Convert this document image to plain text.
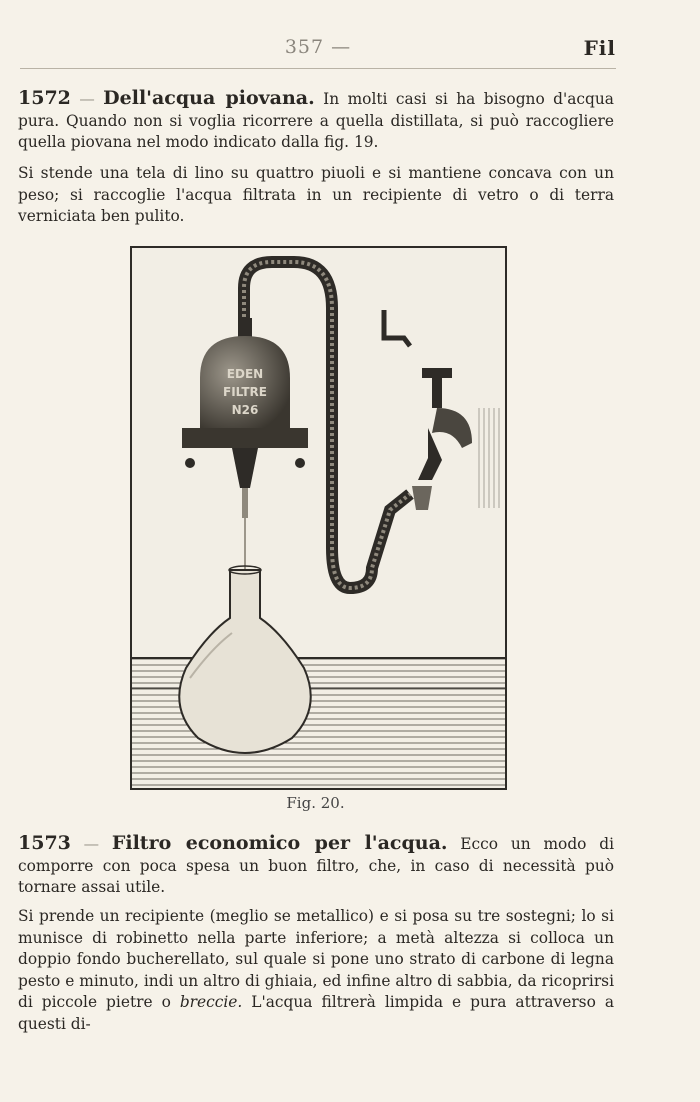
357 —	Fil

1572 — Dell'acqua piovana. In molti casi si ha bisogno d'acqua pura. Quando non si voglia ricorrere a quella distillata, si può raccogliere quella piovana nel modo indicato dalla fig. 19.

Si stende una tela di lino su quattro piuoli e si mantiene concava con un peso; si raccoglie l'acqua filtrata in un recipiente di vetro o di terra verniciata ben pulito.

EDEN
FILTRE
N26
Fig. 20.

1573 — Filtro economico per l'acqua. Ecco un modo di comporre con poca spesa un buon filtro, che, in caso di necessità può tornare assai utile.

Si prende un recipiente (meglio se metallico) e si posa su tre sostegni; lo si munisce di robinetto nella parte inferiore; a metà altezza si colloca un doppio fondo bucherellato, sul quale si pone uno strato di carbone di legna pesto e minuto, indi un altro di ghiaia, ed infine altro di sabbia, da ricoprirsi di piccole pietre o breccie. L'acqua filtrerà limpida e pura attraverso a questi di-
